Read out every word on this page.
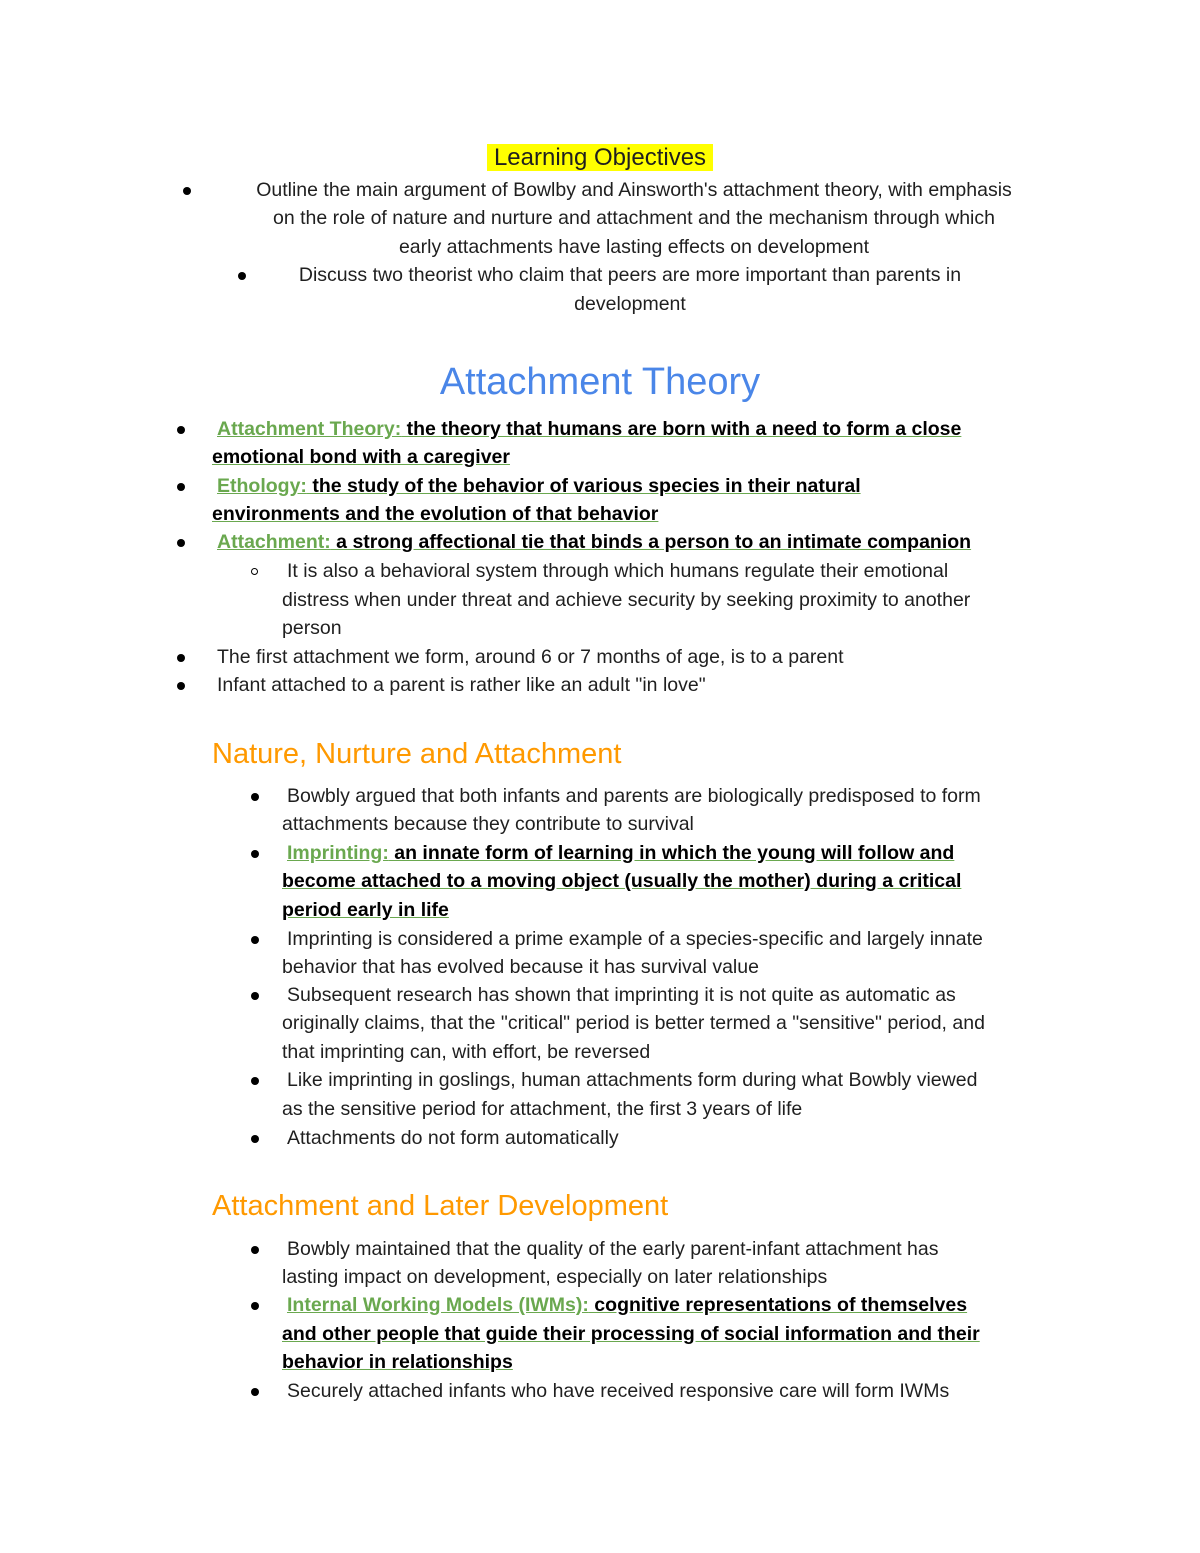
Learning Objectives
Outline the main argument of Bowlby and Ainsworth's attachment theory, with emphasis
on the role of nature and nurture and attachment and the mechanism through which
early attachments have lasting effects on development
Discuss two theorist who claim that peers are more important than parents in
development
Attachment Theory
Attachment Theory: the theory that humans are born with a need to form a close
emotional bond with a caregiver
Ethology: the study of the behavior of various species in their natural
environments and the evolution of that behavior
Attachment: a strong affectional tie that binds a person to an intimate companion
It is also a behavioral system through which humans regulate their emotional
distress when under threat and achieve security by seeking proximity to another
person
The first attachment we form, around 6 or 7 months of age, is to a parent
Infant attached to a parent is rather like an adult "in love"
Nature, Nurture and Attachment
Bowbly argued that both infants and parents are biologically predisposed to form
attachments because they contribute to survival
Imprinting: an innate form of learning in which the young will follow and
become attached to a moving object (usually the mother) during a critical
period early in life
Imprinting is considered a prime example of a species-specific and largely innate
behavior that has evolved because it has survival value
Subsequent research has shown that imprinting it is not quite as automatic as
originally claims, that the "critical" period is better termed a "sensitive" period, and
that imprinting can, with effort, be reversed
Like imprinting in goslings, human attachments form during what Bowbly viewed
as the sensitive period for attachment, the first 3 years of life
Attachments do not form automatically
Attachment and Later Development
Bowbly maintained that the quality of the early parent-infant attachment has
lasting impact on development, especially on later relationships
Internal Working Models (IWMs): cognitive representations of themselves
and other people that guide their processing of social information and their
behavior in relationships
Securely attached infants who have received responsive care will form IWMs
